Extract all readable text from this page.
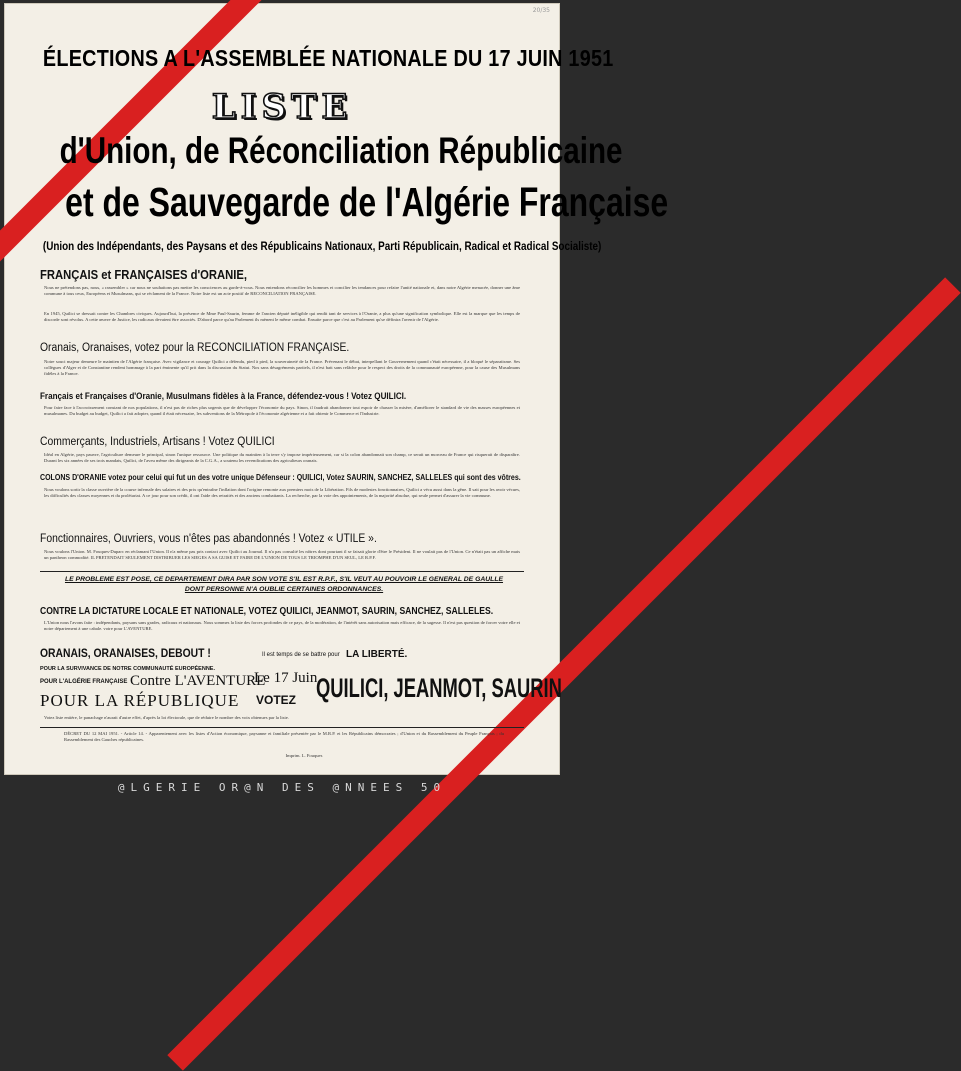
20/35
ÉLECTIONS A L'ASSEMBLÉE NATIONALE DU 17 JUIN 1951
LISTE
d'Union, de Réconciliation Républicaine
et de Sauvegarde de l'Algérie Française
(Union des Indépendants, des Paysans et des Républicains Nationaux, Parti Républicain, Radical et Radical Socialiste)
FRANÇAIS et FRANÇAISES d'ORANIE,
Nous ne prétendons pas, nous, « rassembler » car nous ne souhaitons pas mettre les consciences au garde-à-vous. Nous entendons réconcilier les hommes et concilier les tendances pour refaire l'unité nationale et, dans notre Algérie menacée, donner une âme commune à tous ceux, Européens et Musulmans, qui se réclament de la France. Notre liste est un acte positif de RECONCILIATION FRANÇAISE.
En 1945, Quilici se dressait contre les Chambres civiques. Aujourd'hui, la présence de Mme Paul-Saurin, femme de l'ancien député inéligible qui rendit tant de services à l'Oranie, a plus qu'une signification symbolique. Elle est la marque que les temps de discorde sont révolus. A cette œuvre de Justice, les radicaux devaient être associés. D'abord parce qu'au Parlement ils mènent le même combat. Ensuite parce que c'est au Parlement qu'se définira l'avenir de l'Algérie.
Oranais, Oranaises, votez pour la RECONCILIATION FRANÇAISE.
Notre souci majeur demeure le maintien de l'Algérie française. Avec vigilance et courage Quilici a défendu, pied à pied, la souveraineté de la France. Prévenant le débat, interpellant le Gouvernement quand c'était nécessaire, il a bloqué le séparatisme. Ses collègues d'Alger et de Constantine rendent hommage à la part éminente qu'il prit dans la discussion du Statut. Nos sans désagréments partiels, il n'est batt sans relâche pour le respect des droits de la communauté européenne, pour la cause des Musulmans fidèles à la France.
Français et Françaises d'Oranie, Musulmans fidèles à la France, défendez-vous ! Votez QUILICI.
Pour faire face à l'accroissement constant de nos populations, il n'est pas de riches plus urgents que de développer l'économie du pays. Sinon, il faudrait abandonner tout espoir de chasser la misère, d'améliorer le standard de vie des masses européennes et musulmanes. Du budget au budget, Quilici a fait adopter, quand il était nécessaire, les subventions de la Métropole à l'économie algérienne et a fait obtenir le Commerce et l'Industrie.
Commerçants, Industriels, Artisans ! Votez QUILICI
Idéal en Algérie, pays pauvre, l'agriculture demeure le principal, sinon l'unique ressource. Une politique du maintien à la terre s'y impose impérieusement, car si la colon abandonnait son champ, ce serait un morceau de France qui risquerait de disparaître. Durant les six années de ses trois mandats, Quilici, de l'aveu même des dirigeants de la C.G.A., a soutenu les revendications des agriculteurs oranais.
COLONS D'ORANIE votez pour celui qui fut un des votre unique Défenseur : QUILICI, Votez SAURIN, SANCHEZ, SALLELES qui sont des vôtres.
Nous voulons sortir la classe ouvrière de la course infernale des salaires et des prix qu'entraîne l'inflation dont l'origine remonte aux premiers mois de la Libération. Fils de modestes fonctionnaires, Quilici a vécu aussi dans la gêne. Il sait pour les avoir vécues, les difficultés des classes moyennes et du prolétariat. A ce jour pour son crédit, il ont l'aide des retraités et des anciens combattants. La recherche, par la voie des appointements, de la majorité absolue, qui seule permet d'assurer la vie commune.
Fonctionnaires, Ouvriers, vous n'êtes pas abandonnés ! Votez « UTILE ».
Nous voulons l'Union. M. Fouques-Duparc en réclamant l'Union. Il n'a même pas pris contact avec Quilici au Journal. Il n'a pas consulté les nôtres dont pourtant il se faisait glorie d'être le Président. Il ne voulait pas de l'Union. Ce n'était pas un affiche mais un pantheon commodité. IL PRETENDAIT SEULEMENT DISTRIBUER LES SIEGES A SA GUISE ET FAIRE DE L'UNION DE TOUS LE TRIOMPHE D'UN SEUL, LE R.P.F.
LE PROBLEME EST POSE, CE DEPARTEMENT DIRA PAR SON VOTE S'IL EST R.P.F., S'IL VEUT AU POUVOIR LE GENERAL DE GAULLE DONT PERSONNE N'A OUBLIE CERTAINES ORDONNANCES.
CONTRE LA DICTATURE LOCALE ET NATIONALE, VOTEZ QUILICI, JEANMOT, SAURIN, SANCHEZ, SALLELES.
L'Union nous l'avons faite : indépendants, paysans sans grades, radicaux et nationaux. Nous sommes la liste des forces profondes de ce pays, de la modération, de l'intérêt sans autorisation mais efficace, de la sagesse. Il n'est pas question de forcer votre elle et notre département à une cabale. votre pour L'AVENTURE.
ORANAIS, ORANAISES, DEBOUT !	Il est temps de se battre pour LA LIBERTÉ.
POUR LA SURVIVANCE DE NOTRE COMMUNAUTÉ EUROPÉENNE.
POUR L'ALGÉRIE FRANÇAISE Contre L'AVENTURE
POUR LA RÉPUBLIQUE
Le 17 Juin
VOTEZ QUILICI, JEANMOT, SAURIN
Votez liste entière, le panachage n'aurait d'autre effet, d'après la loi électorale, que de réduire le nombre des voix obtenues par la liste.
DÉCRET DU 12 MAI 1951. - Article 14. - Apparentement avec les listes d'Action économique, paysanne et familiale présentée par le M.R.P. et les Républicains démocrates ; d'Union et du Rassemblement du Peuple Français ; du Rassemblement des Gauches républicaines.
Imprim. L. Fouques
@LGERIE OR@N DES @NNEES 50
